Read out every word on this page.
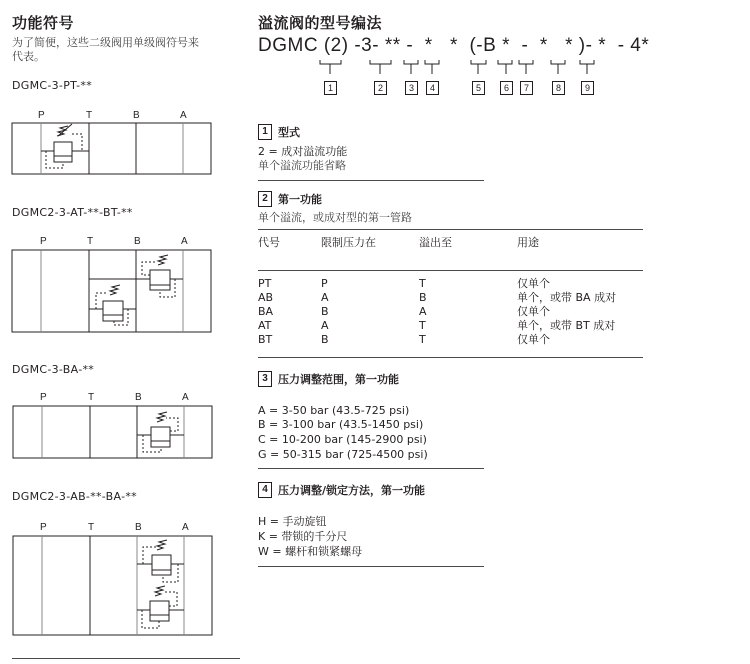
功能符号
为了简便，这些二级阀用单级阀符号来
代表。
DGMC-3-PT-**
P	T	B	A
DGMC2-3-AT-**-BT-**
P	T	B	A
DGMC-3-BA-**
P	T	B	A
DGMC2-3-AB-**-BA-**
P	T	B	A
溢流阀的型号编法
DGMC (2) -3- ** -  *   *  (-B *  -  *   * )- *  - 4*
1	2	3	4	5	6	7	8	9
1 型式
2 = 成对溢流功能
单个溢流功能省略
2 第一功能
单个溢流，或成对型的第一管路
代号	限制压力在	溢出至	用途
PT	P	T	仅单个
AB	A	B	单个，或带 BA 成对
BA	B	A	仅单个
AT	A	T	单个，或带 BT 成对
BT	B	T	仅单个
3 压力调整范围，第一功能
A = 3-50 bar (43.5-725 psi)
B = 3-100 bar (43.5-1450 psi)
C = 10-200 bar (145-2900 psi)
G = 50-315 bar (725-4500 psi)
4 压力调整/锁定方法，第一功能
H = 手动旋钮
K = 带锁的千分尺
W = 螺杆和锁紧螺母
